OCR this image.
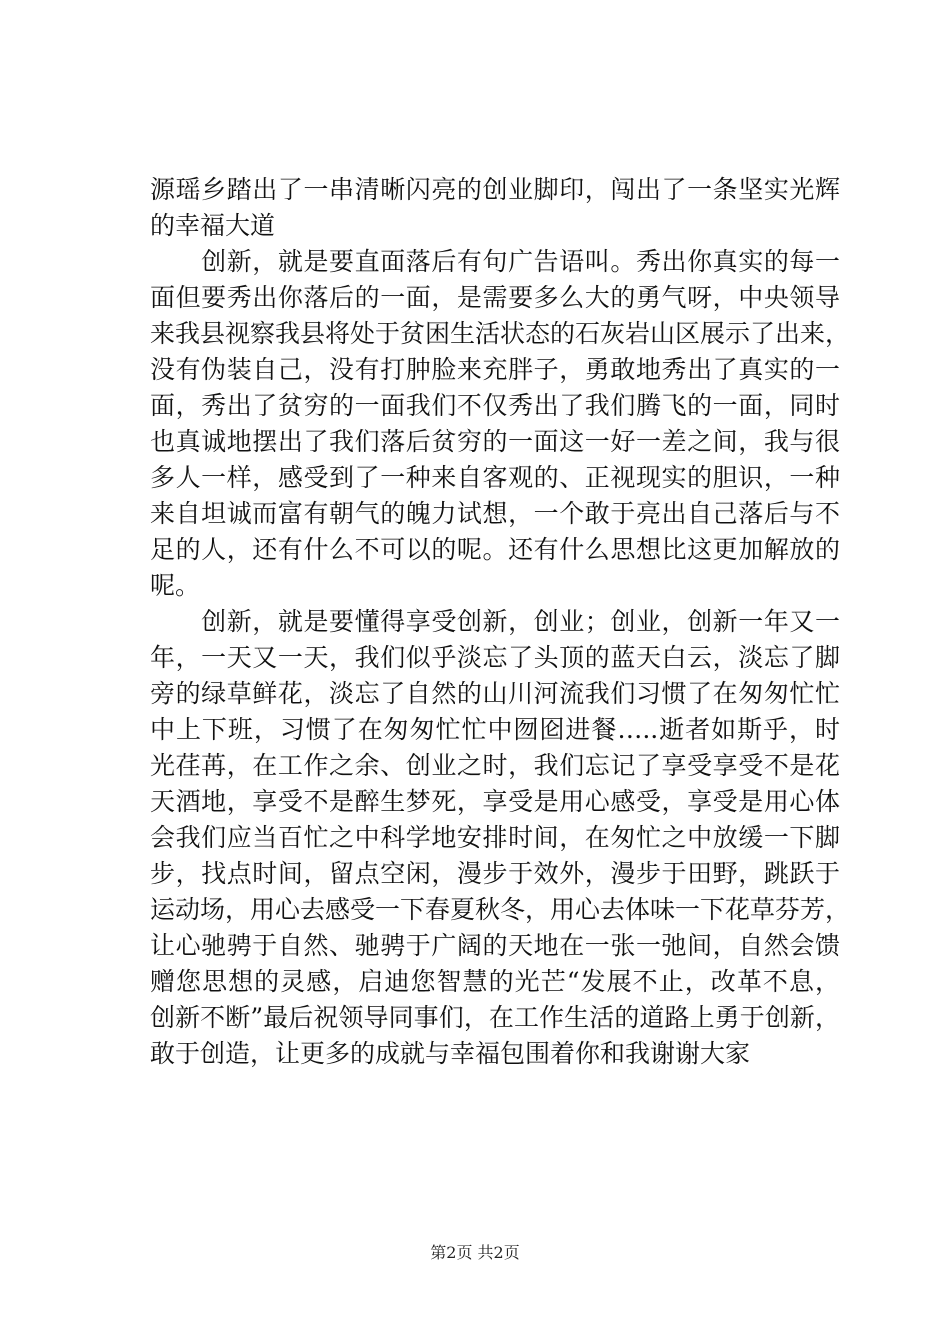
源瑶乡踏出了一串清晰闪亮的创业脚印，闯出了一条坚实光辉
的幸福大道
　　创新，就是要直面落后有句广告语叫。秀出你真实的每一
面但要秀出你落后的一面，是需要多么大的勇气呀，中央领导
来我县视察我县将处于贫困生活状态的石灰岩山区展示了出来，
没有伪装自己，没有打肿脸来充胖子，勇敢地秀出了真实的一
面，秀出了贫穷的一面我们不仅秀出了我们腾飞的一面，同时
也真诚地摆出了我们落后贫穷的一面这一好一差之间，我与很
多人一样，感受到了一种来自客观的、正视现实的胆识，一种
来自坦诚而富有朝气的魄力试想，一个敢于亮出自己落后与不
足的人，还有什么不可以的呢。还有什么思想比这更加解放的
呢。
　　创新，就是要懂得享受创新，创业；创业，创新一年又一
年，一天又一天，我们似乎淡忘了头顶的蓝天白云，淡忘了脚
旁的绿草鲜花，淡忘了自然的山川河流我们习惯了在匆匆忙忙
中上下班，习惯了在匆匆忙忙中囫囵进餐…..逝者如斯乎，时
光荏苒，在工作之余、创业之时，我们忘记了享受享受不是花
天酒地，享受不是醉生梦死，享受是用心感受，享受是用心体
会我们应当百忙之中科学地安排时间，在匆忙之中放缓一下脚
步，找点时间，留点空闲，漫步于效外，漫步于田野，跳跃于
运动场，用心去感受一下春夏秋冬，用心去体味一下花草芬芳，
让心驰骋于自然、驰骋于广阔的天地在一张一弛间，自然会馈
赠您思想的灵感，启迪您智慧的光芒“发展不止，改革不息，
创新不断”最后祝领导同事们，在工作生活的道路上勇于创新，
敢于创造，让更多的成就与幸福包围着你和我谢谢大家
第2页 共2页
